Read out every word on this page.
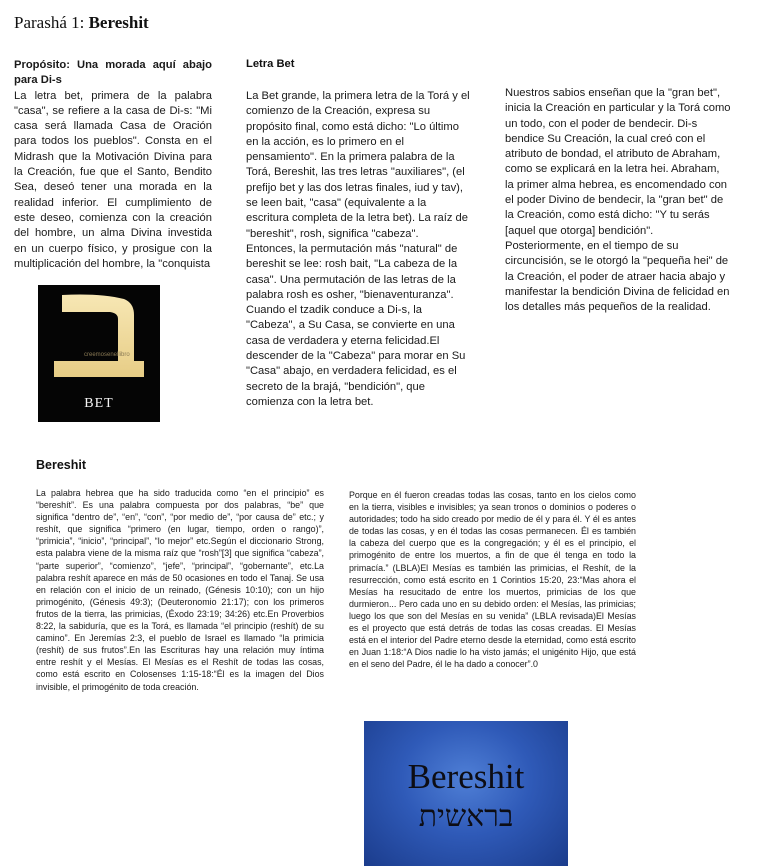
Parashá 1: Bereshit
Propósito: Una morada aquí abajo para Di-s
La letra bet, primera de la palabra "casa", se refiere a la casa de Di-s: "Mi casa será llamada Casa de Oración para todos los pueblos". Consta en el Midrash que la Motivación Divina para la Creación, fue que el Santo, Bendito Sea, deseó tener una morada en la realidad inferior. El cumplimiento de este deseo, comienza con la creación del hombre, un alma Divina investida en un cuerpo físico, y prosigue con la multiplicación del hombre, la "conquista
creemosenellibro
BET
Letra Bet
La Bet grande, la primera letra de la Torá y el comienzo de la Creación, expresa su propósito final, como está dicho: "Lo último en la acción, es lo primero en el pensamiento". En la primera palabra de la Torá, Bereshit, las tres letras "auxiliares", (el prefijo bet y las dos letras finales, iud y tav), se leen bait, "casa" (equivalente a la escritura completa de la letra bet). La raíz de "bereshit", rosh, significa "cabeza". Entonces, la permutación más "natural" de bereshit se lee: rosh bait, "La cabeza de la casa". Una permutación de las letras de la palabra rosh es osher, "bienaventuranza". Cuando el tzadik conduce a Di-s, la "Cabeza", a Su Casa, se convierte en una casa de verdadera y eterna felicidad.El descender de la "Cabeza" para morar en Su "Casa" abajo, en verdadera felicidad, es el secreto de la brajá, "bendición", que comienza con la letra bet.
Nuestros sabios enseñan que la "gran bet", inicia la Creación en particular y la Torá como un todo, con el poder de bendecir. Di-s bendice Su Creación, la cual creó con el atributo de bondad, el atributo de Abraham, como se explicará en la letra hei. Abraham, la primer alma hebrea, es encomendado con el poder Divino de bendecir, la "gran bet" de la Creación, como está dicho: "Y tu serás [aquel que otorga] bendición". Posteriormente, en el tiempo de su circuncisión, se le otorgó la "pequeña hei" de la Creación, el poder de atraer hacia abajo y manifestar la bendición Divina de felicidad en los detalles más pequeños de la realidad.
Bereshit
La palabra hebrea que ha sido traducida como “en el principio” es “bereshít”. Es una palabra compuesta por dos palabras, “be” que significa “dentro de”, “en”, “con”, “por medio de”, “por causa de” etc.; y reshít, que significa “primero (en lugar, tiempo, orden o rango)”, “primicia”, “inicio”, “principal”, “lo mejor” etc.Según el diccionario Strong, esta palabra viene de la misma raíz que “rosh”[3] que significa “cabeza”, “parte superior”, “comienzo”, “jefe”, “principal”, “gobernante”, etc.La palabra reshít aparece en más de 50 ocasiones en todo el Tanaj. Se usa en relación con el inicio de un reinado, (Génesis 10:10); con un hijo primogénito, (Génesis 49:3); (Deuteronomio 21:17); con los primeros frutos de la tierra, las primicias, (Éxodo 23:19; 34:26) etc.En Proverbios 8:22, la sabiduría, que es la Torá, es llamada “el principio (reshít) de su camino”. En Jeremías 2:3, el pueblo de Israel es llamado “la primicia (reshít) de sus frutos”.En las Escrituras hay una relación muy íntima entre reshít y el Mesías. El Mesías es el Reshít de todas las cosas, como está escrito en Colosenses 1:15-18:“Él es la imagen del Dios invisible, el primogénito de toda creación.
Porque en él fueron creadas todas las cosas, tanto en los cielos como en la tierra, visibles e invisibles; ya sean tronos o dominios o poderes o autoridades; todo ha sido creado por medio de él y para él. Y él es antes de todas las cosas, y en él todas las cosas permanecen. Él es también la cabeza del cuerpo que es la congregación; y él es el principio, el primogénito de entre los muertos, a fin de que él tenga en todo la primacía.” (LBLA)El Mesías es también las primicias, el Reshít, de la resurrección, como está escrito en 1 Corintios 15:20, 23:“Mas ahora el Mesías ha resucitado de entre los muertos, primicias de los que durmieron... Pero cada uno en su debido orden: el Mesías, las primicias; luego los que son del Mesías en su venida” (LBLA revisada)El Mesías es el proyecto que está detrás de todas las cosas creadas. El Mesías está en el interior del Padre eterno desde la eternidad, como está escrito en Juan 1:18:“A Dios nadie lo ha visto jamás; el unigénito Hijo, que está en el seno del Padre, él le ha dado a conocer”.0
Bereshit
בראשית
